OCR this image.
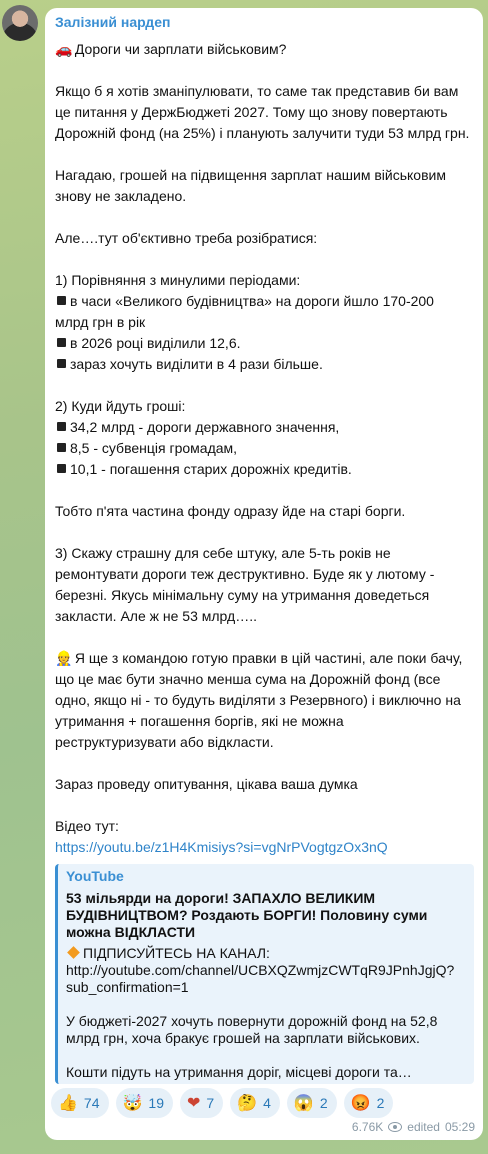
Залізний нардеп

🚗 Дороги чи зарплати військовим?

Якщо б я хотів зманіпулювати, то саме так представив би вам

це питання у ДержБюджеті 2027. Тому що знову повертають

Дорожній фонд (на 25%) і планують залучити туди 53 млрд грн.

Нагадаю, грошей на підвищення зарплат нашим військовим

знову не закладено.

Але….тут об'єктивно треба розібратися:

1) Порівняння з минулими періодами:

в часи «Великого будівництва» на дороги йшло 170-200

млрд грн в рік

в 2026 році виділили 12,6.

зараз хочуть виділити в 4 рази більше.

2) Куди йдуть гроші:

34,2 млрд - дороги державного значення,

8,5 - субвенція громадам,

10,1 - погашення старих дорожніх кредитів.

Тобто п'ята частина фонду одразу йде на старі борги.

3) Скажу страшну для себе штуку, але 5-ть років не

ремонтувати дороги теж деструктивно. Буде як у лютому -

березні. Якусь мінімальну суму на утримання доведеться

закласти. Але ж не 53 млрд…..

👷 Я ще з командою готую правки в цій частині, але поки бачу,

що це має бути значно менша сума на Дорожній фонд (все

одно, якщо ні - то будуть виділяти з Резервного) і виключно на

утримання + погашення боргів, які не можна

реструктуризувати або відкласти.

Зараз проведу опитування, цікава ваша думка

Відео тут:

https://youtu.be/z1H4Kmisiys?si=vgNrPVogtgzOx3nQ

YouTube
53 мільярди на дороги! ЗАПАХЛО ВЕЛИКИМ БУДІВНИЦТВОМ? Роздають БОРГИ! Половину суми можна ВІДКЛАСТИ

ПІДПИСУЙТЕСЬ НА КАНАЛ:

http://youtube.com/channel/UCBXQZwmjzCWTqR9JPnhJgjQ?

sub_confirmation=1

У бюджеті-2027 хочуть повернути дорожній фонд на 52,8 млрд грн, хоча бракує грошей на зарплати військових.

Кошти підуть на утримання доріг, місцеві дороги та…

👍 74 🤯 19 ❤ 7 🤔 4 😱 2 😡 2
6.76K edited 05:29
